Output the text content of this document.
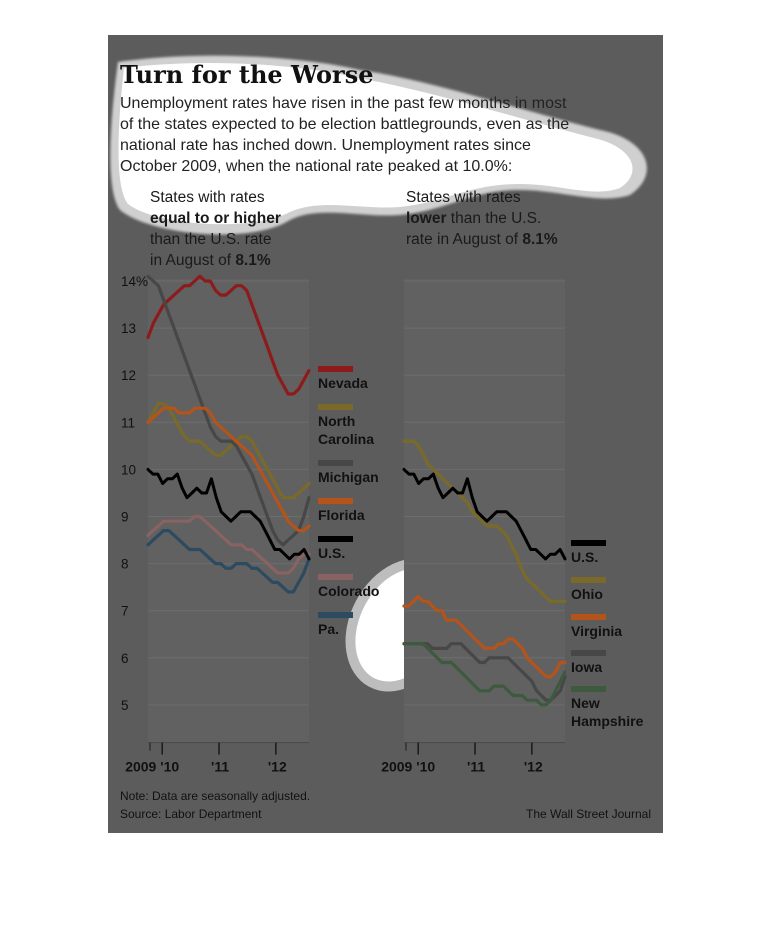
Turn for the Worse
Unemployment rates have risen in the past few months in most
of the states expected to be election battlegrounds, even as the
national rate has inched down. Unemployment rates since
October 2009, when the national rate peaked at 10.0%:
States with rates
equal to or higher
than the U.S. rate
in August of 8.1%
States with rates
lower than the U.S.
rate in August of 8.1%
14%
13
12
11
10
9
8
7
6
5
2009 '10 '11	'12
Nevada
North Carolina
Michigan
Florida
U.S.
Colorado
Pa.
2009 '10 '11	'12
U.S.
Ohio
Virginia
Iowa
New Hampshire
Note: Data are seasonally adjusted.
Source: Labor Department	The Wall Street Journal
